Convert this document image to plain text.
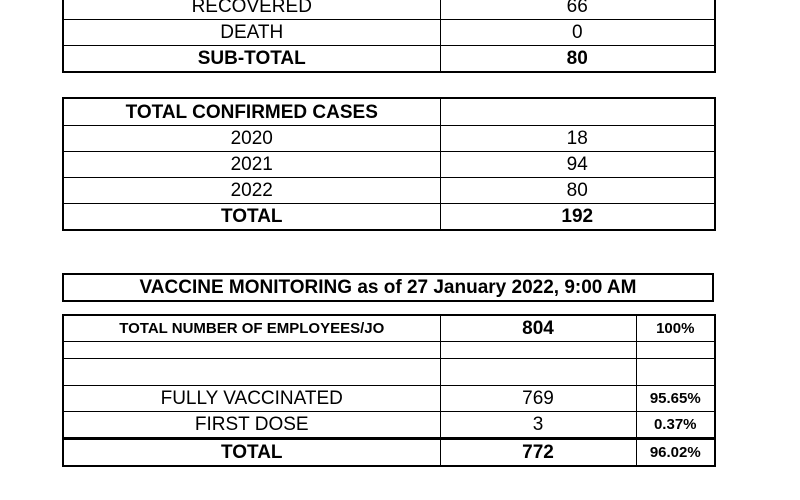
RECOVERED	66
DEATH	0
SUB-TOTAL	80
TOTAL CONFIRMED CASES	
2020	18
2021	94
2022	80
TOTAL	192
VACCINE MONITORING as of 27 January 2022, 9:00 AM
TOTAL NUMBER OF EMPLOYEES/JO	804	100%

FULLY VACCINATED	769	95.65%
FIRST DOSE	3	0.37%
TOTAL	772	96.02%
